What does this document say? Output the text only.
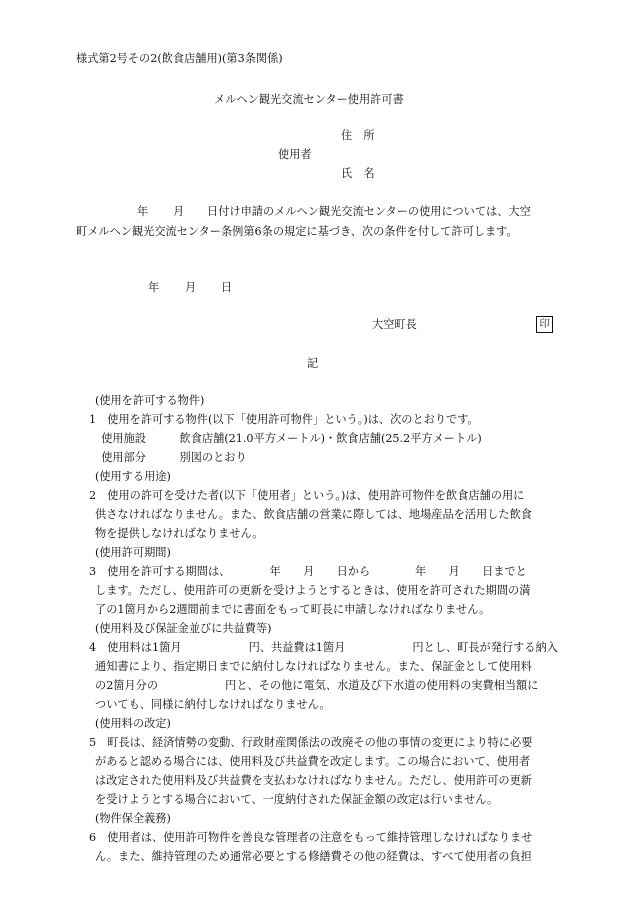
様式第2号その2(飲食店舗用)(第3条関係)
メルヘン観光交流センター使用許可書
住　所
使用者
氏　名
年 月 日付け申請のメルヘン観光交流センターの使用については、大空
町メルヘン観光交流センター条例第6条の規定に基づき、次の条件を付して許可します。
年 月 日
大空町長	印
記
(使用を許可する物件)
1　使用を許可する物件(以下「使用許可物件」という。)は、次のとおりです。
　使用施設　　　飲食店舗(21.0平方メートル)・飲食店舗(25.2平方メートル)
　使用部分　　　別図のとおり
(使用する用途)
2　使用の許可を受けた者(以下「使用者」という。)は、使用許可物件を飲食店舗の用に
供さなければなりません。また、飲食店舗の営業に際しては、地場産品を活用した飲食
物を提供しなければなりません。
(使用許可期間)
3　使用を許可する期間は、　　　　年　　月　　日から　　　　年　　月　　日までと
します。ただし、使用許可の更新を受けようとするときは、使用を許可された期間の満
了の1箇月から2週間前までに書面をもって町長に申請しなければなりません。
(使用料及び保証金並びに共益費等)
4　使用料は1箇月　　　　　　円、共益費は1箇月　　　　　　円とし、町長が発行する納入
通知書により、指定期日までに納付しなければなりません。また、保証金として使用料
の2箇月分の　　　　　　円と、その他に電気、水道及び下水道の使用料の実費相当額に
ついても、同様に納付しなければなりません。
(使用料の改定)
5　町長は、経済情勢の変動、行政財産関係法の改廃その他の事情の変更により特に必要
があると認める場合には、使用料及び共益費を改定します。この場合において、使用者
は改定された使用料及び共益費を支払わなければなりません。ただし、使用許可の更新
を受けようとする場合において、一度納付された保証金額の改定は行いません。
(物件保全義務)
6　使用者は、使用許可物件を善良な管理者の注意をもって維持管理しなければなりませ
ん。また、維持管理のため通常必要とする修繕費その他の経費は、すべて使用者の負担
